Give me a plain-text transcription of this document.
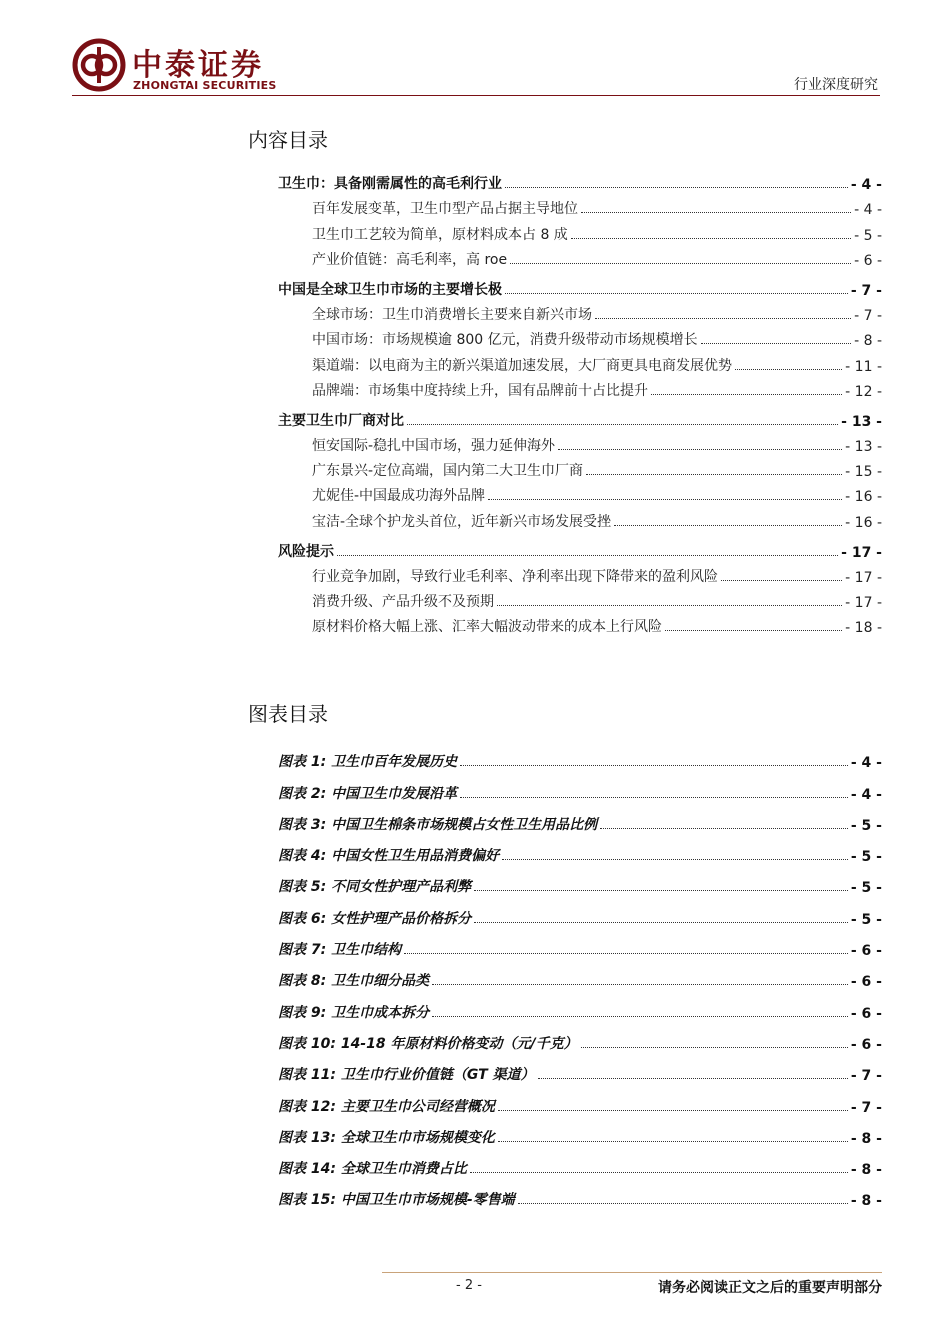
中泰证券
ZHONGTAI SECURITIES	行业深度研究
内容目录
卫生巾：具备刚需属性的高毛利行业	- 4 -
百年发展变革，卫生巾型产品占据主导地位	- 4 -
卫生巾工艺较为简单，原材料成本占 8 成	- 5 -
产业价值链：高毛利率，高 roe	- 6 -
中国是全球卫生巾市场的主要增长极	- 7 -
全球市场：卫生巾消费增长主要来自新兴市场	- 7 -
中国市场：市场规模逾 800 亿元，消费升级带动市场规模增长	- 8 -
渠道端：以电商为主的新兴渠道加速发展，大厂商更具电商发展优势	- 11 -
品牌端：市场集中度持续上升，国有品牌前十占比提升	- 12 -
主要卫生巾厂商对比	- 13 -
恒安国际-稳扎中国市场，强力延伸海外	- 13 -
广东景兴-定位高端，国内第二大卫生巾厂商	- 15 -
尤妮佳-中国最成功海外品牌	- 16 -
宝洁-全球个护龙头首位，近年新兴市场发展受挫	- 16 -
风险提示	- 17 -
行业竞争加剧，导致行业毛利率、净利率出现下降带来的盈利风险	- 17 -
消费升级、产品升级不及预期	- 17 -
原材料价格大幅上涨、汇率大幅波动带来的成本上行风险	- 18 -
图表目录
图表 1: 卫生巾百年发展历史	- 4 -
图表 2: 中国卫生巾发展沿革	- 4 -
图表 3: 中国卫生棉条市场规模占女性卫生用品比例	- 5 -
图表 4: 中国女性卫生用品消费偏好	- 5 -
图表 5: 不同女性护理产品利弊	- 5 -
图表 6: 女性护理产品价格拆分	- 5 -
图表 7: 卫生巾结构	- 6 -
图表 8: 卫生巾细分品类	- 6 -
图表 9: 卫生巾成本拆分	- 6 -
图表 10: 14-18 年原材料价格变动（元/千克）	- 6 -
图表 11: 卫生巾行业价值链（GT 渠道）	- 7 -
图表 12: 主要卫生巾公司经营概况	- 7 -
图表 13: 全球卫生巾市场规模变化	- 8 -
图表 14: 全球卫生巾消费占比	- 8 -
图表 15: 中国卫生巾市场规模-零售端	- 8 -
- 2 -	请务必阅读正文之后的重要声明部分
